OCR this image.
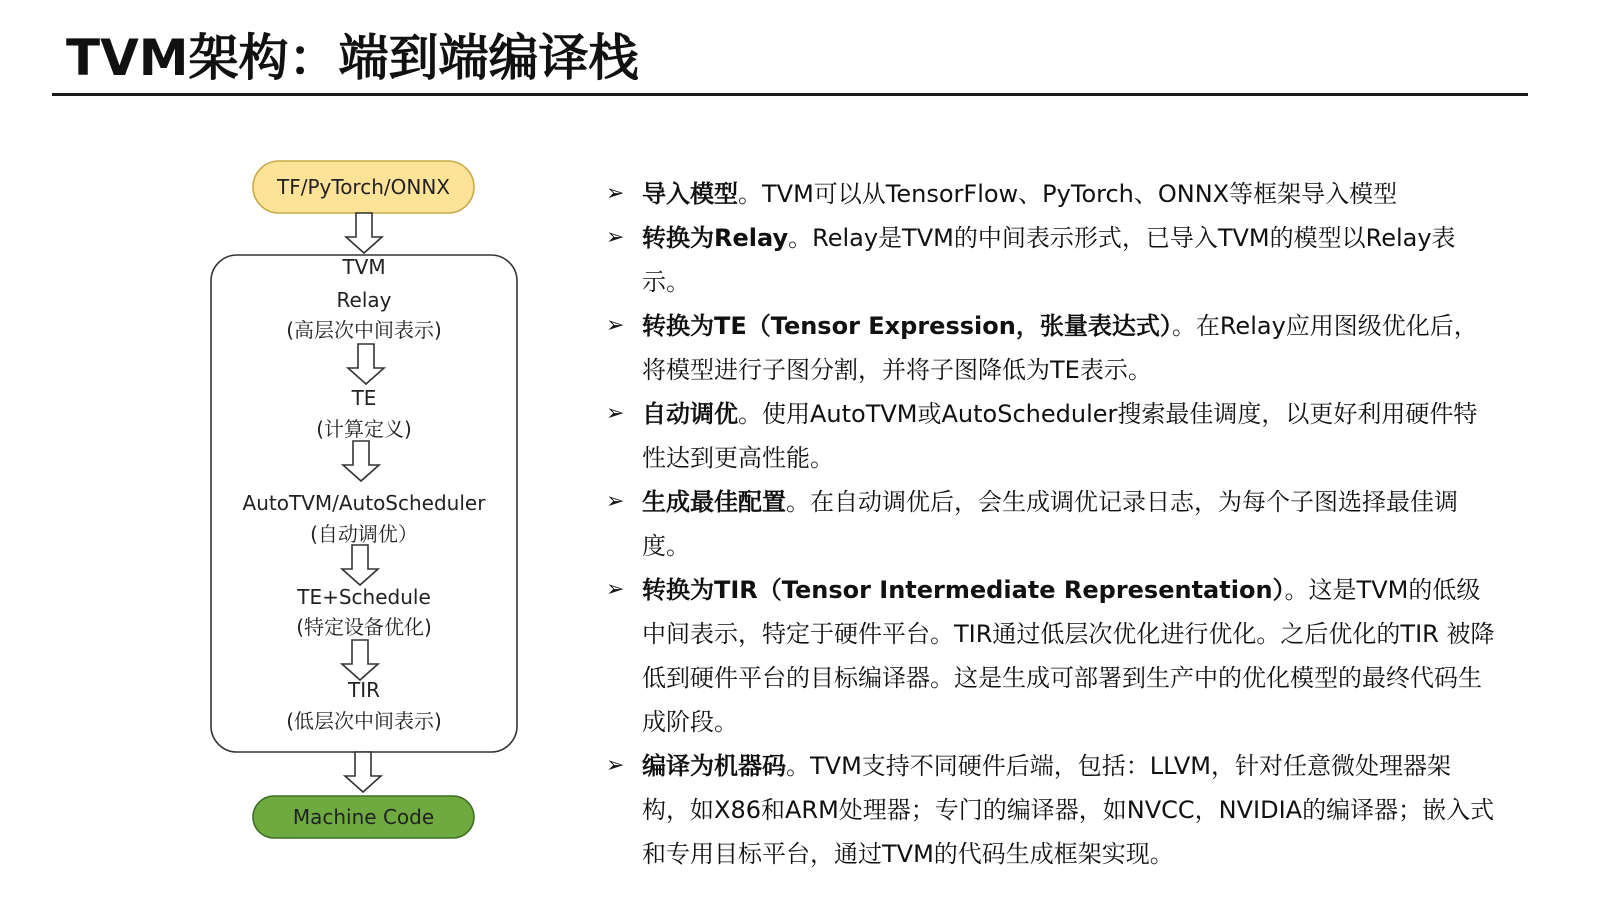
TVM架构：端到端编译栈
TF/PyTorch/ONNX
TVM
Relay
(高层次中间表示)
TE
(计算定义)
AutoTVM/AutoScheduler
(自动调优）
TE+Schedule
(特定设备优化)
TIR
(低层次中间表示)
Machine Code
➢ 导入模型。TVM可以从TensorFlow、PyTorch、ONNX等框架导入模型
➢ 转换为Relay。Relay是TVM的中间表示形式，已导入TVM的模型以Relay表示。
➢ 转换为TE（Tensor Expression，张量表达式）。在Relay应用图级优化后，将模型进行子图分割，并将子图降低为TE表示。
➢ 自动调优。使用AutoTVM或AutoScheduler搜索最佳调度，以更好利用硬件特性达到更高性能。
➢ 生成最佳配置。在自动调优后，会生成调优记录日志，为每个子图选择最佳调度。
➢ 转换为TIR（Tensor Intermediate Representation）。这是TVM的低级中间表示，特定于硬件平台。TIR通过低层次优化进行优化。之后优化的TIR 被降低到硬件平台的目标编译器。这是生成可部署到生产中的优化模型的最终代码生成阶段。
➢ 编译为机器码。TVM支持不同硬件后端，包括：LLVM，针对任意微处理器架构，如X86和ARM处理器；专门的编译器，如NVCC，NVIDIA的编译器；嵌入式和专用目标平台，通过TVM的代码生成框架实现。
